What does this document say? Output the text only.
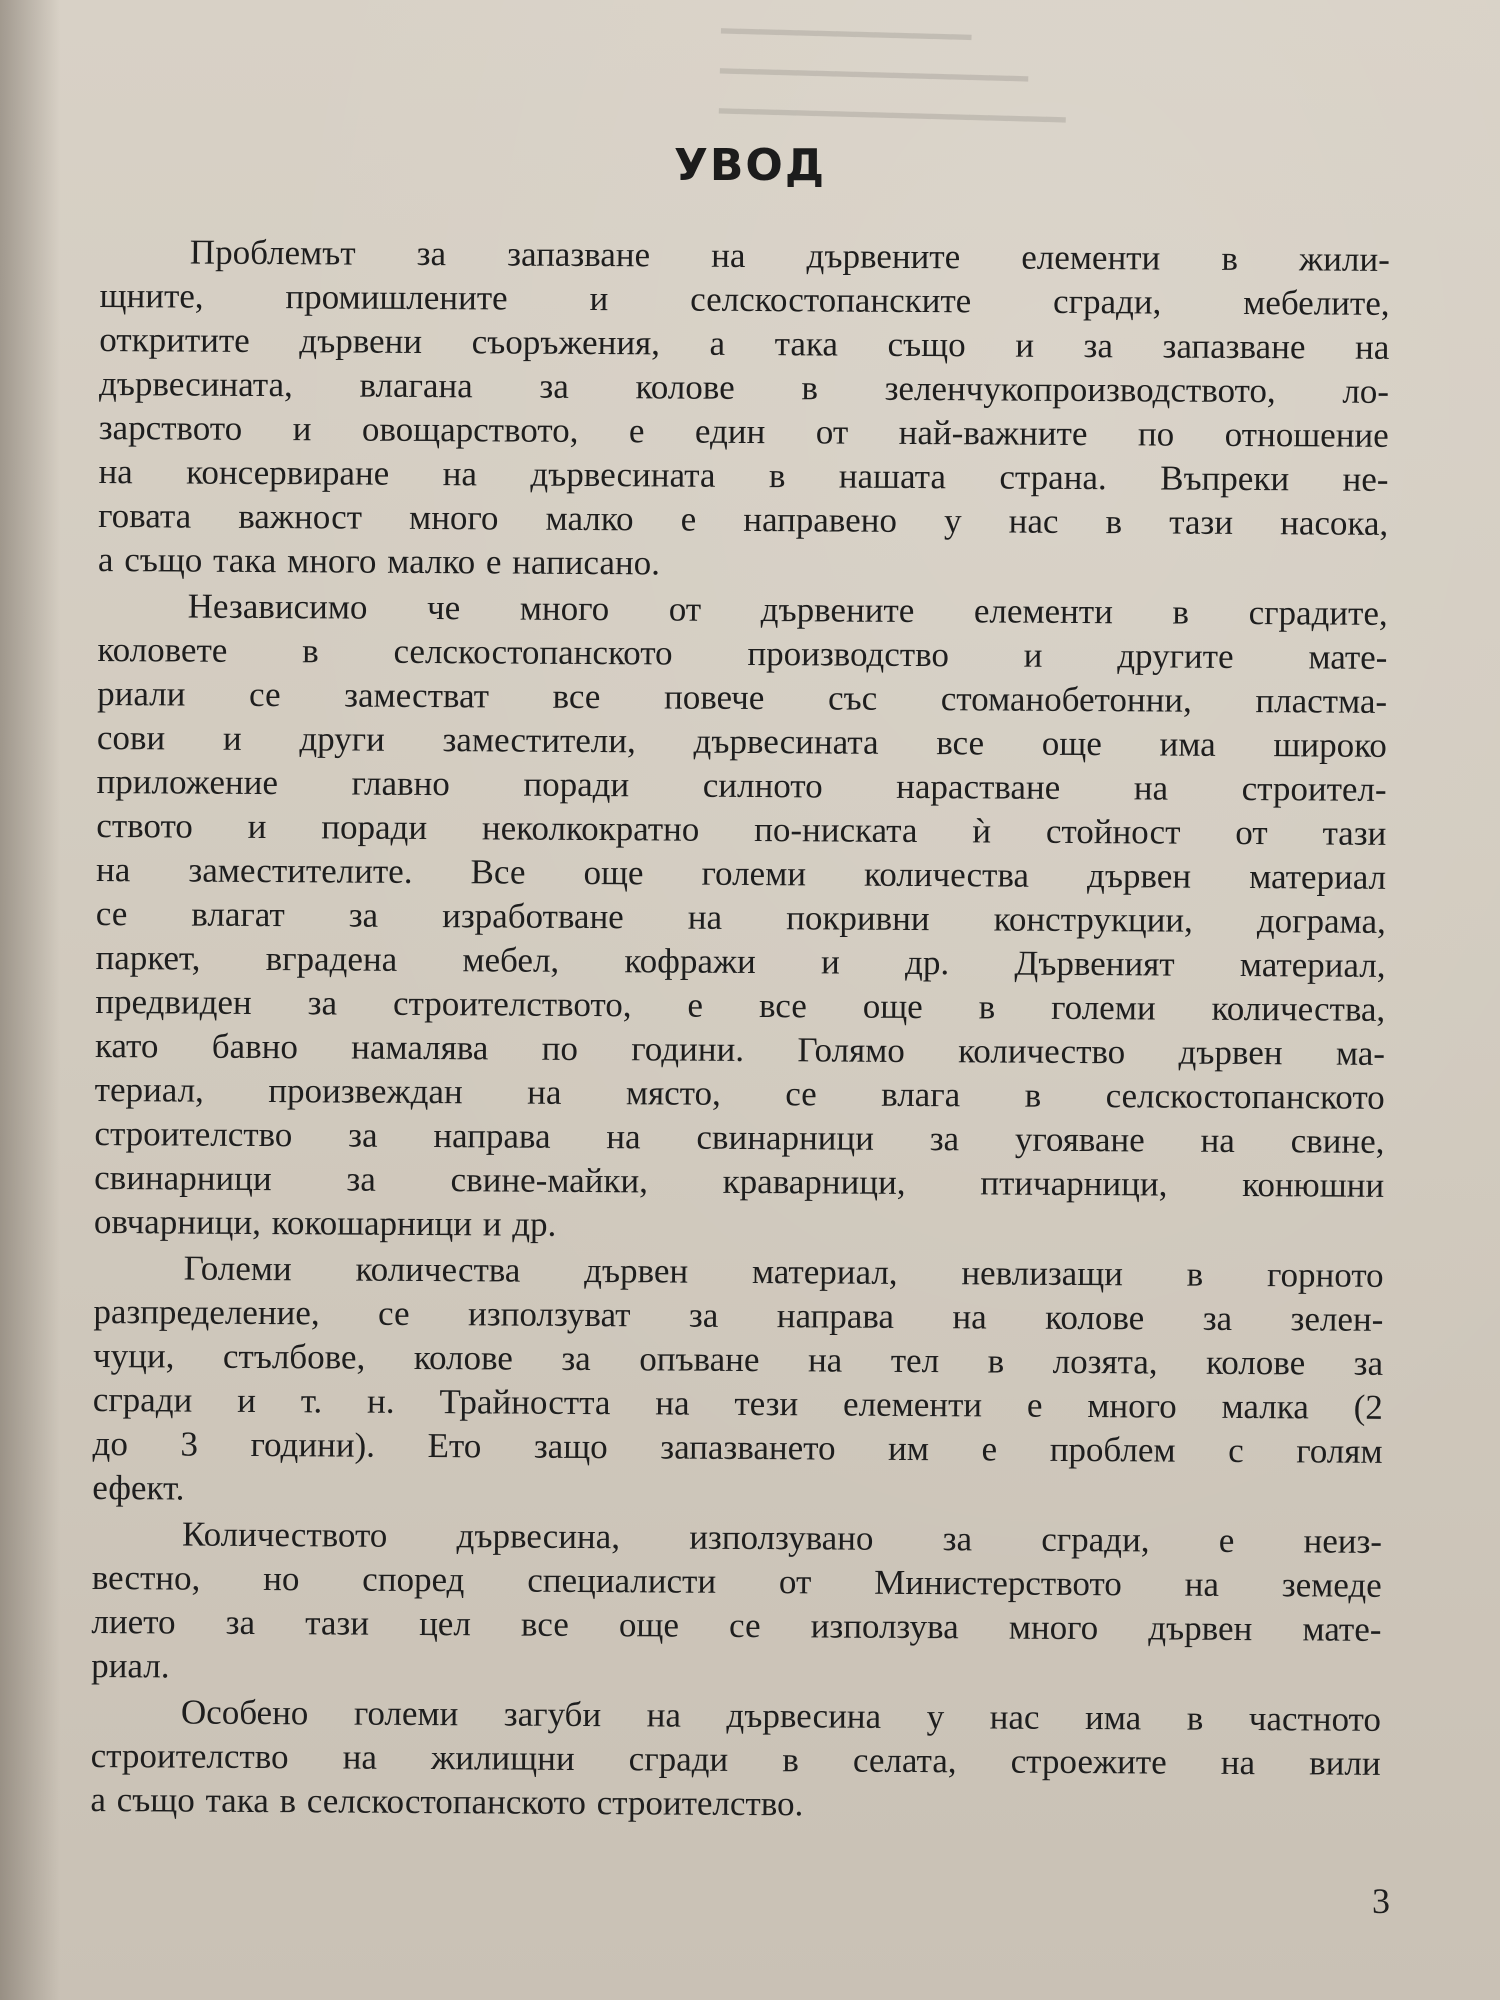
━━━━━━━━━━━━━━━━━━
━━━━━━━━━━━━━━━━
━━━━━━━━━━━━━
УВОД
Проблемът за запазване на дървените елементи в жили-
щните, промишлените и селскостопанските сгради, мебелите,
откритите дървени съоръжения, а така също и за запазване на
дървесината, влагана за колове в зеленчукопроизводството, ло-
зарството и овощарството, е един от най-важните по отношение
на консервиране на дървесината в нашата страна. Въпреки не-
говата важност много малко е направено у нас в тази насока,
а също така много малко е написано.
Независимо че много от дървените елементи в сградите,
коловете в селскостопанското производство и другите мате-
риали се заместват все повече със стоманобетонни, пластма-
сови и други заместители, дървесината все още има широко
приложение главно поради силното нарастване на строител-
ството и поради неколкократно по-ниската ѝ стойност от тази
на заместителите. Все още големи количества дървен материал
се влагат за изработване на покривни конструкции, дограма,
паркет, вградена мебел, кофражи и др. Дървеният материал,
предвиден за строителството, е все още в големи количества,
като бавно намалява по години. Голямо количество дървен ма-
териал, произвеждан на място, се влага в селскостопанското
строителство за направа на свинарници за угояване на свине,
свинарници за свине-майки, краварници, птичарници, конюшни
овчарници, кокошарници и др.
Големи количества дървен материал, невлизащи в горното
разпределение, се използуват за направа на колове за зелен-
чуци, стълбове, колове за опъване на тел в лозята, колове за
сгради и т. н. Трайността на тези елементи е много малка (2
до 3 години). Ето защо запазването им е проблем с голям
ефект.
Количеството дървесина, използувано за сгради, е неиз-
вестно, но според специалисти от Министерството на земеде
лието за тази цел все още се използува много дървен мате-
риал.
Особено големи загуби на дървесина у нас има в частното
строителство на жилищни сгради в селата, строежите на вили
а също така в селскостопанското строителство.
3
